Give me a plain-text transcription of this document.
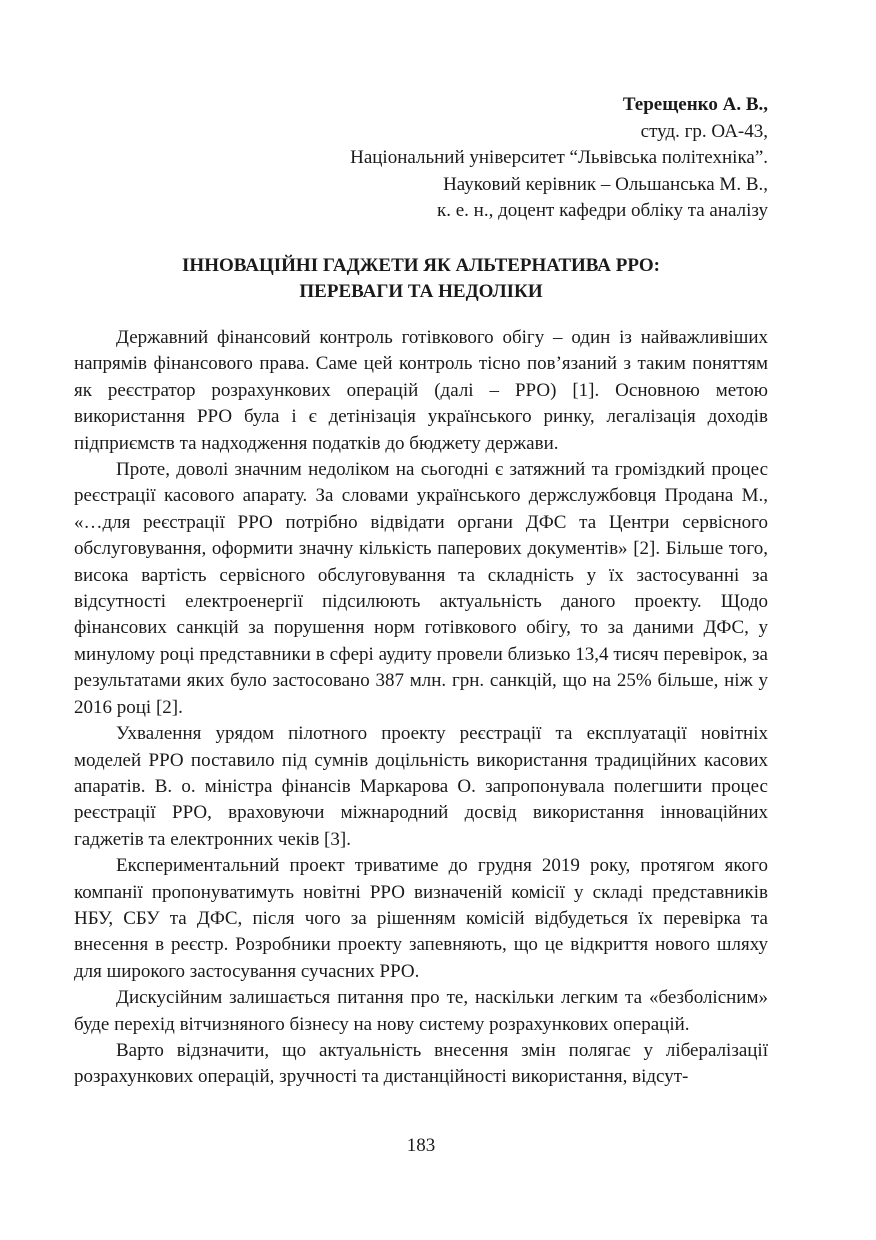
Терещенко А. В.,
студ. гр. ОА-43,
Національний університет “Львівська політехніка”.
Науковий керівник – Ольшанська М. В.,
к. е. н., доцент кафедри обліку та аналізу
ІННОВАЦІЙНІ ГАДЖЕТИ ЯК АЛЬТЕРНАТИВА РРО:
ПЕРЕВАГИ ТА НЕДОЛІКИ

Державний фінансовий контроль готівкового обігу – один із найважливіших напрямів фінансового права. Саме цей контроль тісно пов’язаний з таким поняттям як реєстратор розрахункових операцій (далі – РРО) [1]. Основною метою використання РРО була і є детінізація українського ринку, легалізація доходів підприємств та надходження податків до бюджету держави.

Проте, доволі значним недоліком на сьогодні є затяжний та громіздкий процес реєстрації касового апарату. За словами українського держслужбовця Продана М., «…для реєстрації РРО потрібно відвідати органи ДФС та Центри сервісного обслуговування, оформити значну кількість паперових документів» [2]. Більше того, висока вартість сервісного обслуговування та складність у їх застосуванні за відсутності електроенергії підсилюють актуальність даного проекту. Щодо фінансових санкцій за порушення норм готівкового обігу, то за даними ДФС, у минулому році представники в сфері аудиту провели близько 13,4 тисяч перевірок, за результатами яких було застосовано 387 млн. грн. санкцій, що на 25% більше, ніж у 2016 році [2].

Ухвалення урядом пілотного проекту реєстрації та експлуатації новітніх моделей РРО поставило під сумнів доцільність використання традиційних касових апаратів. В. о. міністра фінансів Маркарова О. запропонувала полегшити процес реєстрації РРО, враховуючи міжнародний досвід використання інноваційних гаджетів та електронних чеків [3].

Експериментальний проект триватиме до грудня 2019 року, протягом якого компанії пропонуватимуть новітні РРО визначеній комісії у складі представників НБУ, СБУ та ДФС, після чого за рішенням комісій відбудеться їх перевірка та внесення в реєстр. Розробники проекту запевняють, що це відкриття нового шляху для широкого застосування сучасних РРО.

Дискусійним залишається питання про те, наскільки легким та «безболісним» буде перехід вітчизняного бізнесу на нову систему розрахункових операцій.

Варто відзначити, що актуальність внесення змін полягає у лібералізації розрахункових операцій, зручності та дистанційності використання, відсут-

183
